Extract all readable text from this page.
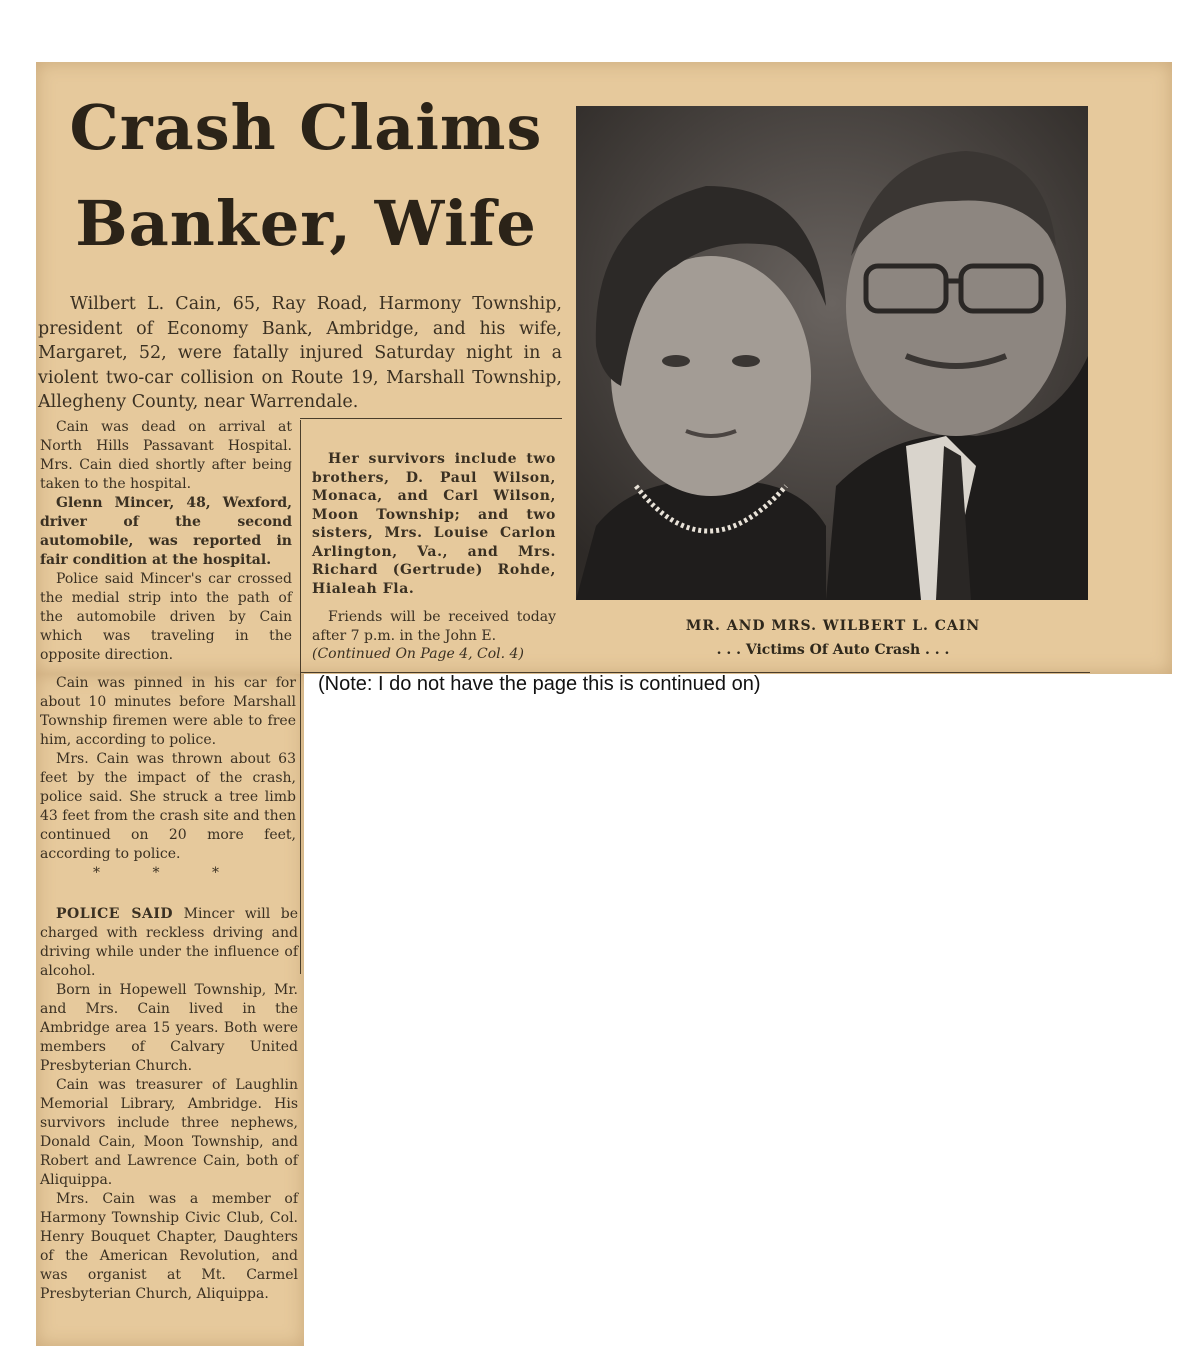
Crash Claims
Banker, Wife
Wilbert L. Cain, 65, Ray Road, Harmony Township, president of Economy Bank, Ambridge, and his wife, Margaret, 52, were fatally injured Saturday night in a violent two-car collision on Route 19, Marshall Township, Allegheny County, near Warrendale.

Cain was dead on arrival at North Hills Passavant Hospital. Mrs. Cain died shortly after being taken to the hospital.

Glenn Mincer, 48, Wexford, driver of the second automobile, was reported in fair condition at the hospital.

Police said Mincer's car crossed the medial strip into the path of the automobile driven by Cain which was traveling in the opposite direction.

Cain was pinned in his car for about 10 minutes before Marshall Township firemen were able to free him, according to police.

Mrs. Cain was thrown about 63 feet by the impact of the crash, police said. She struck a tree limb 43 feet from the crash site and then continued on 20 more feet, according to police.

* * *

POLICE SAID Mincer will be charged with reckless driving and driving while under the influence of alcohol.

Born in Hopewell Township, Mr. and Mrs. Cain lived in the Ambridge area 15 years. Both were members of Calvary United Presbyterian Church.

Cain was treasurer of Laughlin Memorial Library, Ambridge. His survivors include three nephews, Donald Cain, Moon Township, and Robert and Lawrence Cain, both of Aliquippa.

Mrs. Cain was a member of Harmony Township Civic Club, Col. Henry Bouquet Chapter, Daughters of the American Revolution, and was organist at Mt. Carmel Presbyterian Church, Aliquippa.

Her survivors include two brothers, D. Paul Wilson, Monaca, and Carl Wilson, Moon Township; and two sisters, Mrs. Louise Carlon Arlington, Va., and Mrs. Richard (Gertrude) Rohde, Hialeah Fla.

Friends will be received today after 7 p.m. in the John E.

(Continued On Page 4, Col. 4)

MR. AND MRS. WILBERT L. CAIN
. . . Victims Of Auto Crash . . .
(Note: I do not have the page this is continued on)
